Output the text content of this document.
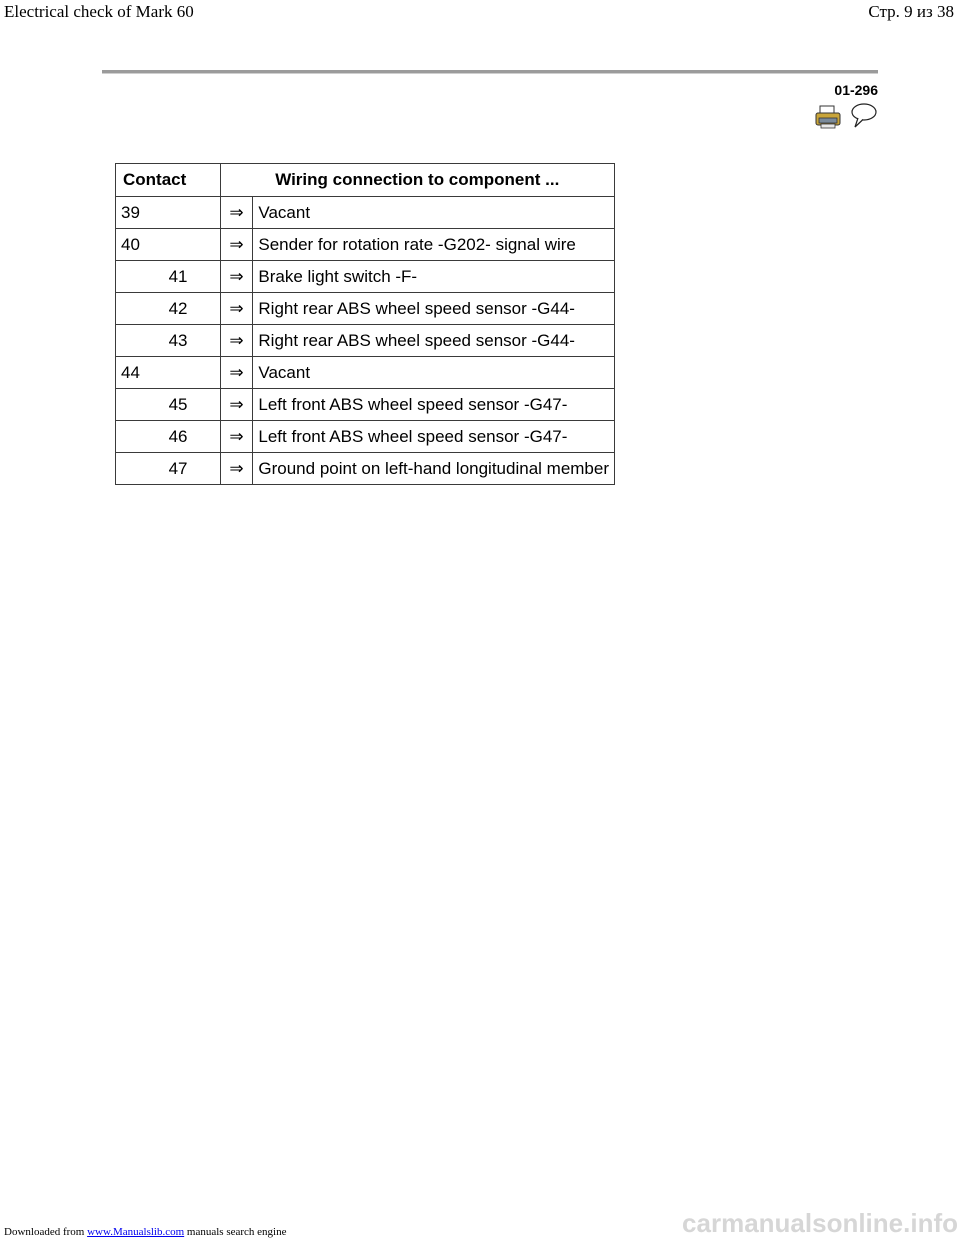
Electrical check of Mark 60	Стр. 9 из 38
01-296
Contact	Wiring connection to component ...	
39	⇒	Vacant
40	⇒	Sender for rotation rate -G202- signal wire
41	⇒	Brake light switch -F-
42	⇒	Right rear ABS wheel speed sensor -G44-
43	⇒	Right rear ABS wheel speed sensor -G44-
44	⇒	Vacant
45	⇒	Left front ABS wheel speed sensor -G47-
46	⇒	Left front ABS wheel speed sensor -G47-
47	⇒	Ground point on left-hand longitudinal member
Downloaded from www.Manualslib.com manuals search engine	carmanualsonline.info
